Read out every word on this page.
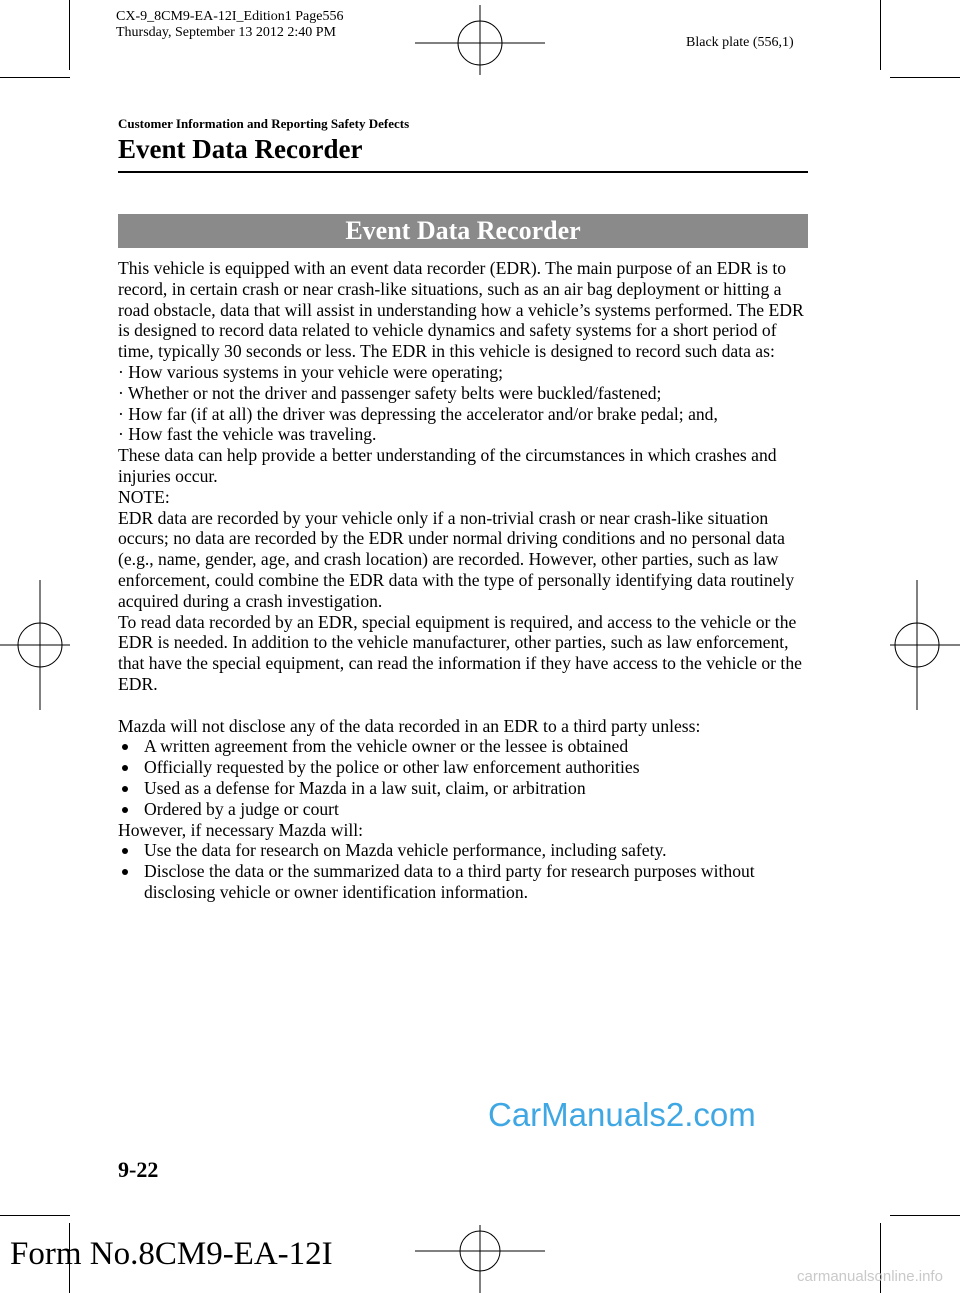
CX-9_8CM9-EA-12I_Edition1 Page556
Thursday, September 13 2012 2:40 PM
Black plate (556,1)
Customer Information and Reporting Safety Defects
Event Data Recorder
Event Data Recorder

This vehicle is equipped with an event data recorder (EDR). The main purpose of an EDR is to record, in certain crash or near crash-like situations, such as an air bag deployment or hitting a road obstacle, data that will assist in understanding how a vehicle’s systems performed. The EDR is designed to record data related to vehicle dynamics and safety systems for a short period of time, typically 30 seconds or less. The EDR in this vehicle is designed to record such data as:

· How various systems in your vehicle were operating;

· Whether or not the driver and passenger safety belts were buckled/fastened;

· How far (if at all) the driver was depressing the accelerator and/or brake pedal; and,

· How fast the vehicle was traveling.

These data can help provide a better understanding of the circumstances in which crashes and injuries occur.

NOTE:

EDR data are recorded by your vehicle only if a non-trivial crash or near crash-like situation occurs; no data are recorded by the EDR under normal driving conditions and no personal data (e.g., name, gender, age, and crash location) are recorded. However, other parties, such as law enforcement, could combine the EDR data with the type of personally identifying data routinely acquired during a crash investigation.

To read data recorded by an EDR, special equipment is required, and access to the vehicle or the EDR is needed. In addition to the vehicle manufacturer, other parties, such as law enforcement, that have the special equipment, can read the information if they have access to the vehicle or the EDR.

Mazda will not disclose any of the data recorded in an EDR to a third party unless:

A written agreement from the vehicle owner or the lessee is obtained

Officially requested by the police or other law enforcement authorities

Used as a defense for Mazda in a law suit, claim, or arbitration

Ordered by a judge or court

However, if necessary Mazda will:

Use the data for research on Mazda vehicle performance, including safety.

Disclose the data or the summarized data to a third party for research purposes without disclosing vehicle or owner identification information.

CarManuals2.com
9-22
Form No.8CM9-EA-12I
carmanualsonline.info
